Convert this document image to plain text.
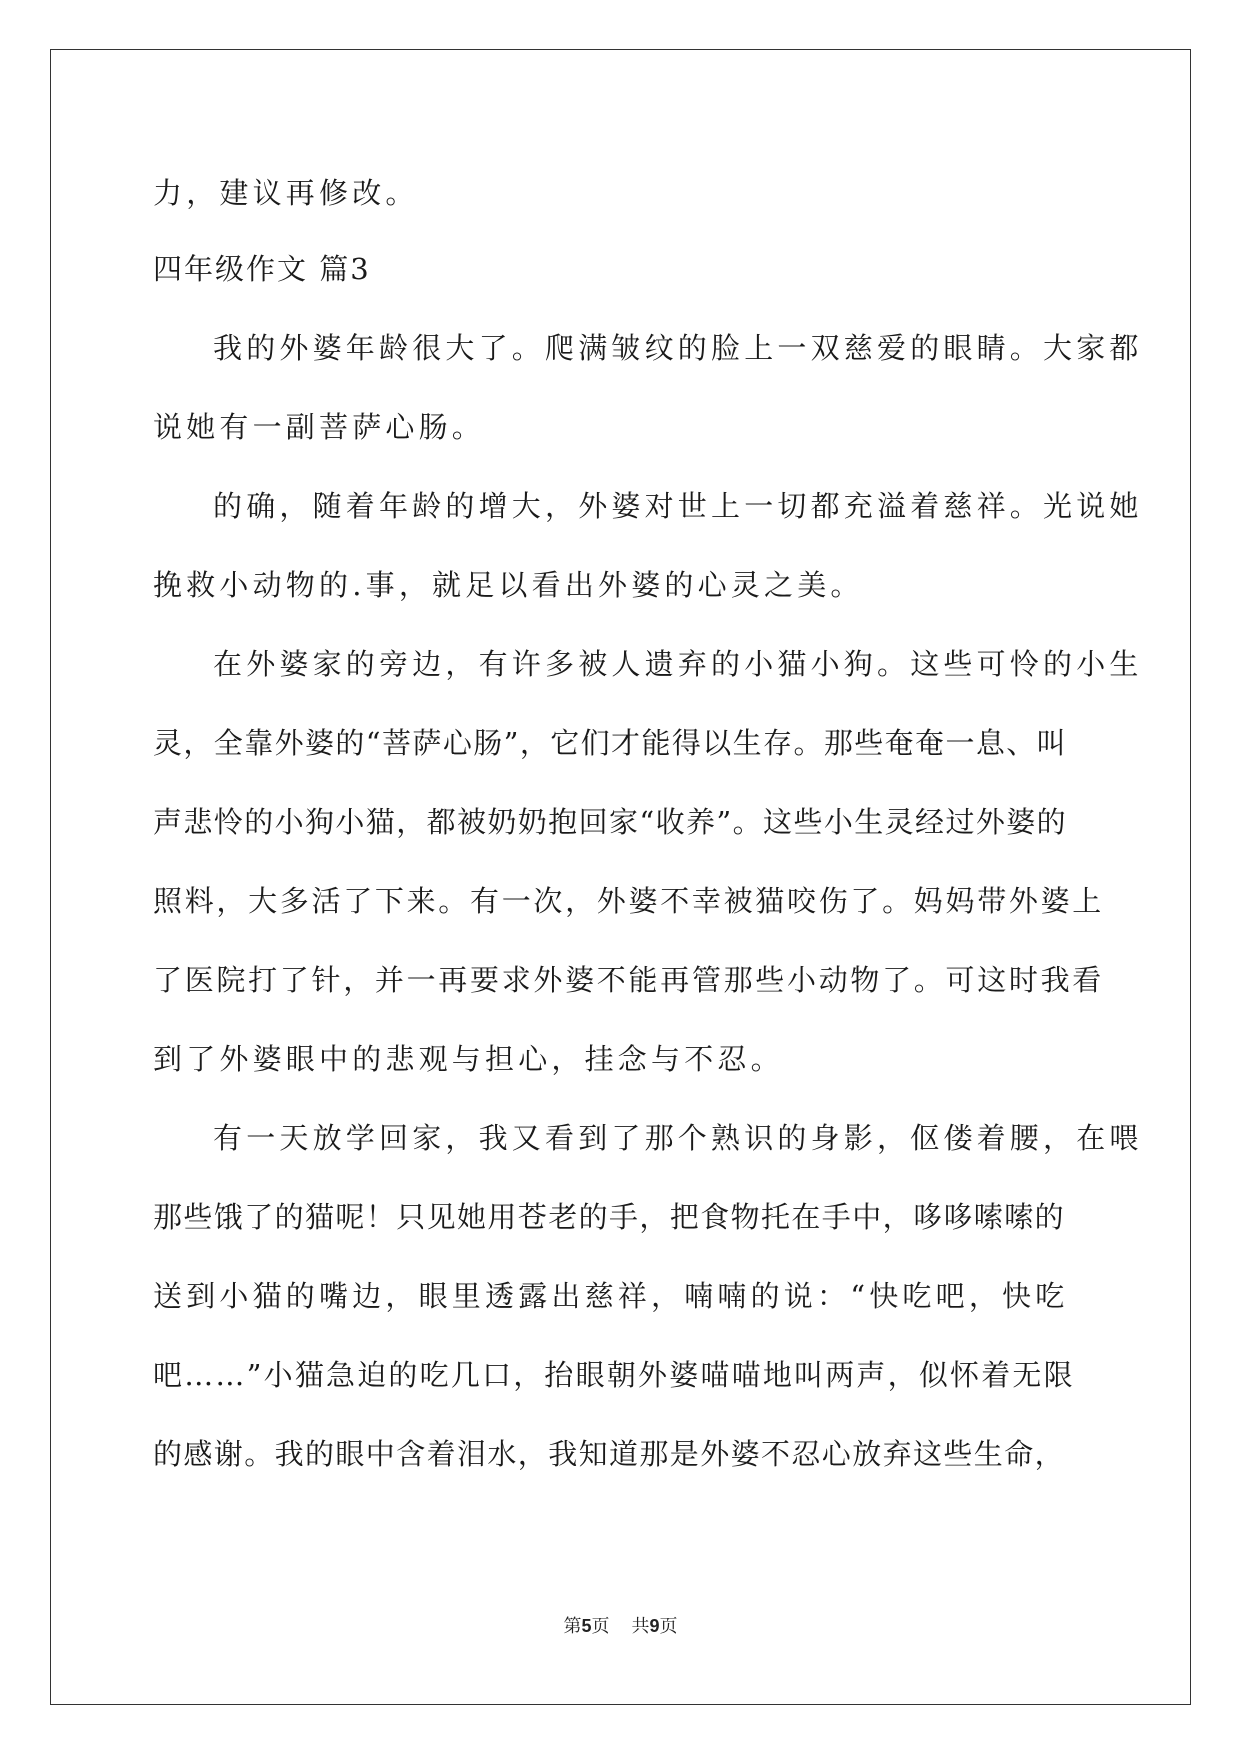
力，建议再修改。
四年级作文 篇3
我的外婆年龄很大了。爬满皱纹的脸上一双慈爱的眼睛。大家都
说她有一副菩萨心肠。
的确，随着年龄的增大，外婆对世上一切都充溢着慈祥。光说她
挽救小动物的.事，就足以看出外婆的心灵之美。
在外婆家的旁边，有许多被人遗弃的小猫小狗。这些可怜的小生
灵，全靠外婆的“菩萨心肠”，它们才能得以生存。那些奄奄一息、叫
声悲怜的小狗小猫，都被奶奶抱回家“收养”。这些小生灵经过外婆的
照料，大多活了下来。有一次，外婆不幸被猫咬伤了。妈妈带外婆上
了医院打了针，并一再要求外婆不能再管那些小动物了。可这时我看
到了外婆眼中的悲观与担心，挂念与不忍。
有一天放学回家，我又看到了那个熟识的身影，伛偻着腰，在喂
那些饿了的猫呢！只见她用苍老的手，把食物托在手中，哆哆嗦嗦的
送到小猫的嘴边，眼里透露出慈祥，喃喃的说：“快吃吧，快吃
吧……”小猫急迫的吃几口，抬眼朝外婆喵喵地叫两声，似怀着无限
的感谢。我的眼中含着泪水，我知道那是外婆不忍心放弃这些生命，
第5页 共9页
